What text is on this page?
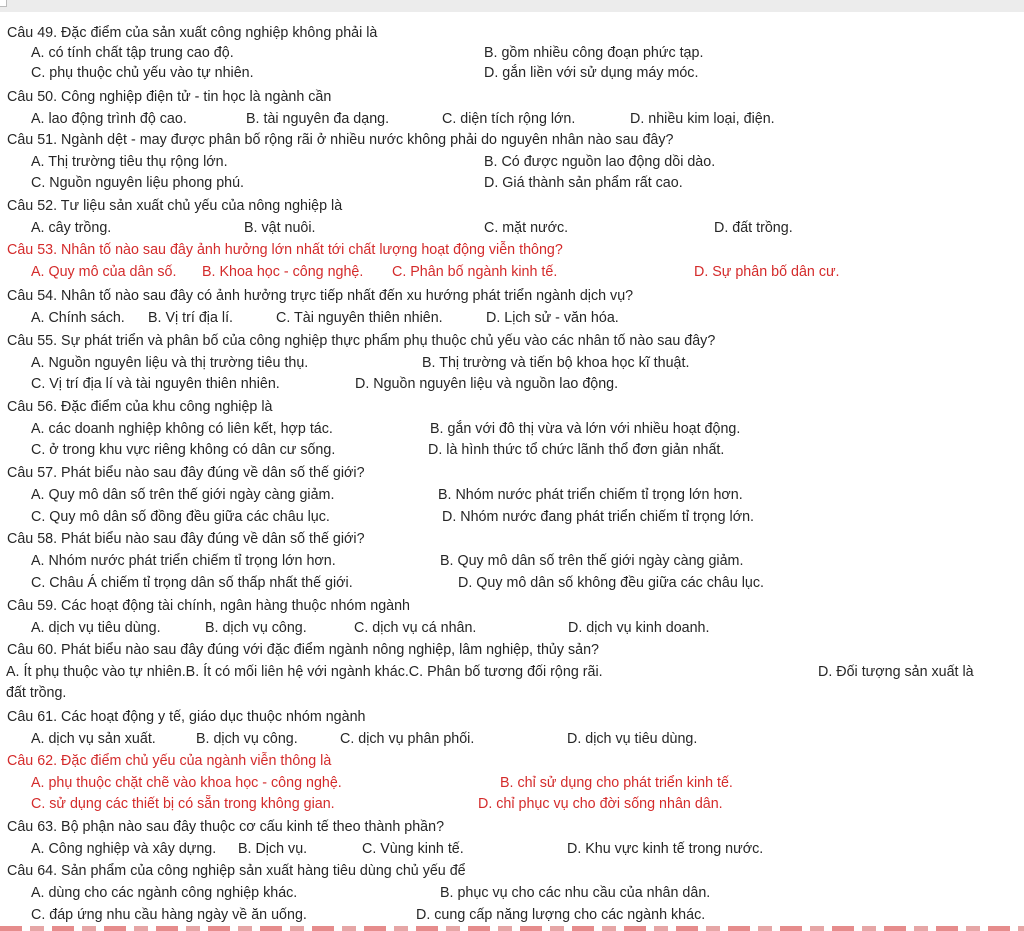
Câu 49. Đặc điểm của sản xuất công nghiệp không phải là
A. có tính chất tập trung cao độ.	B. gồm nhiều công đoạn phức tạp.
C. phụ thuộc chủ yếu vào tự nhiên.	D. gắn liền với sử dụng máy móc.
Câu 50. Công nghiệp điện tử - tin học là ngành cần
A. lao động trình độ cao.	B. tài nguyên đa dạng.	C. diện tích rộng lớn.	D. nhiều kim loại, điện.
Câu 51. Ngành dệt - may được phân bố rộng rãi ở nhiều nước không phải do nguyên nhân nào sau đây?
A. Thị trường tiêu thụ rộng lớn.	B. Có được nguồn lao động dồi dào.
C. Nguồn nguyên liệu phong phú.	D. Giá thành sản phẩm rất cao.
Câu 52. Tư liệu sản xuất chủ yếu của nông nghiệp là
A. cây trồng.	B. vật nuôi.	C. mặt nước.	D. đất trồng.
Câu 53. Nhân tố nào sau đây ảnh hưởng lớn nhất tới chất lượng hoạt động viễn thông?
A. Quy mô của dân số. B. Khoa học - công nghệ. C. Phân bố ngành kinh tế.	D. Sự phân bố dân cư.
Câu 54. Nhân tố nào sau đây có ảnh hưởng trực tiếp nhất đến xu hướng phát triển ngành dịch vụ?
A. Chính sách. B. Vị trí địa lí.	C. Tài nguyên thiên nhiên.	D. Lịch sử - văn hóa.
Câu 55. Sự phát triển và phân bố của công nghiệp thực phẩm phụ thuộc chủ yếu vào các nhân tố nào sau đây?
A. Nguồn nguyên liệu và thị trường tiêu thụ.	B. Thị trường và tiến bộ khoa học kĩ thuật.
C. Vị trí địa lí và tài nguyên thiên nhiên.	D. Nguồn nguyên liệu và nguồn lao động.
Câu 56. Đặc điểm của khu công nghiệp là
A. các doanh nghiệp không có liên kết, hợp tác.	B. gắn với đô thị vừa và lớn với nhiều hoạt động.
C. ở trong khu vực riêng không có dân cư sống.	D. là hình thức tổ chức lãnh thổ đơn giản nhất.
Câu 57. Phát biểu nào sau đây đúng về dân số thế giới?
A. Quy mô dân số trên thế giới ngày càng giảm.	B. Nhóm nước phát triển chiếm tỉ trọng lớn hơn.
C. Quy mô dân số đồng đều giữa các châu lục.	D. Nhóm nước đang phát triển chiếm tỉ trọng lớn.
Câu 58. Phát biểu nào sau đây đúng về dân số thế giới?
A. Nhóm nước phát triển chiếm tỉ trọng lớn hơn.	B. Quy mô dân số trên thế giới ngày càng giảm.
C. Châu Á chiếm tỉ trọng dân số thấp nhất thế giới.	D. Quy mô dân số không đều giữa các châu lục.
Câu 59. Các hoạt động tài chính, ngân hàng thuộc nhóm ngành
A. dịch vụ tiêu dùng.	B. dịch vụ công.	C. dịch vụ cá nhân.	D. dịch vụ kinh doanh.
Câu 60. Phát biểu nào sau đây đúng với đặc điểm ngành nông nghiệp, lâm nghiệp, thủy sản?
A. Ít phụ thuộc vào tự nhiên.B. Ít có mối liên hệ với ngành khác.C. Phân bố tương đối rộng rãi.	D. Đối tượng sản xuất là
đất trồng.
Câu 61. Các hoạt động y tế, giáo dục thuộc nhóm ngành
A. dịch vụ sản xuất.	B. dịch vụ công.	C. dịch vụ phân phối.	D. dịch vụ tiêu dùng.
Câu 62. Đặc điểm chủ yếu của ngành viễn thông là
A. phụ thuộc chặt chẽ vào khoa học - công nghệ.	B. chỉ sử dụng cho phát triển kinh tế.
C. sử dụng các thiết bị có sẵn trong không gian.	D. chỉ phục vụ cho đời sống nhân dân.
Câu 63. Bộ phận nào sau đây thuộc cơ cấu kinh tế theo thành phần?
A. Công nghiệp và xây dựng. B. Dịch vụ.	C. Vùng kinh tế.	D. Khu vực kinh tế trong nước.
Câu 64. Sản phẩm của công nghiệp sản xuất hàng tiêu dùng chủ yếu để
A. dùng cho các ngành công nghiệp khác.	B. phục vụ cho các nhu cầu của nhân dân.
C. đáp ứng nhu cầu hàng ngày về ăn uống.	D. cung cấp năng lượng cho các ngành khác.
